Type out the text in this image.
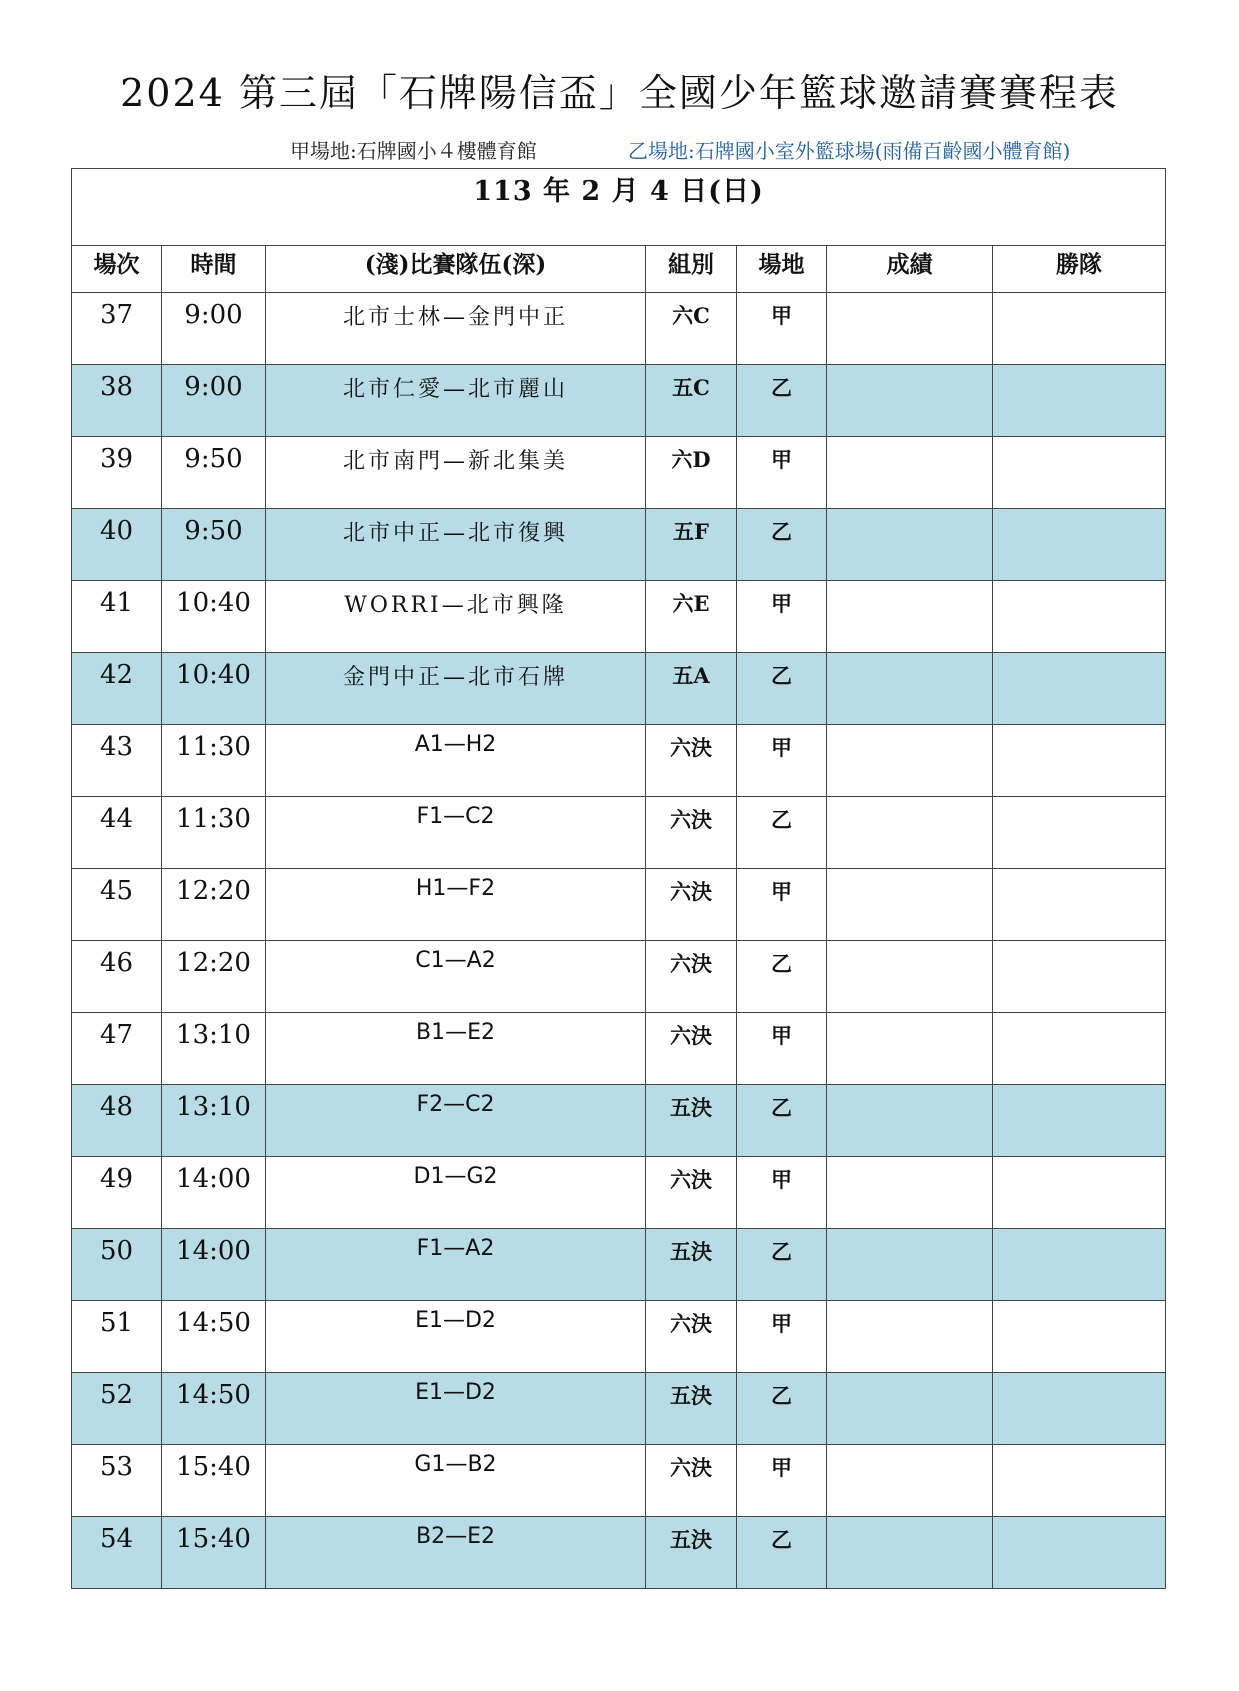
2024 第三屆「石牌陽信盃」全國少年籃球邀請賽賽程表
甲場地:石牌國小４樓體育館	乙場地:石牌國小室外籃球場(雨備百齡國小體育館)
113 年 2 月 4 日(日)						
場次	時間	(淺)比賽隊伍(深)	組別	場地	成績	勝隊

37	9:00	北市士林—金門中正	六C	甲		

38	9:00	北市仁愛—北市麗山	五C	乙		

39	9:50	北市南門—新北集美	六D	甲		

40	9:50	北市中正—北市復興	五F	乙		

41	10:40	WORRI—北市興隆	六E	甲		

42	10:40	金門中正—北市石牌	五A	乙		

43	11:30	A1—H2	六決	甲		

44	11:30	F1—C2	六決	乙		

45	12:20	H1—F2	六決	甲		

46	12:20	C1—A2	六決	乙		

47	13:10	B1—E2	六決	甲		

48	13:10	F2—C2	五決	乙		

49	14:00	D1—G2	六決	甲		

50	14:00	F1—A2	五決	乙		

51	14:50	E1—D2	六決	甲		

52	14:50	E1—D2	五決	乙		

53	15:40	G1—B2	六決	甲		

54	15:40	B2—E2	五決	乙		
